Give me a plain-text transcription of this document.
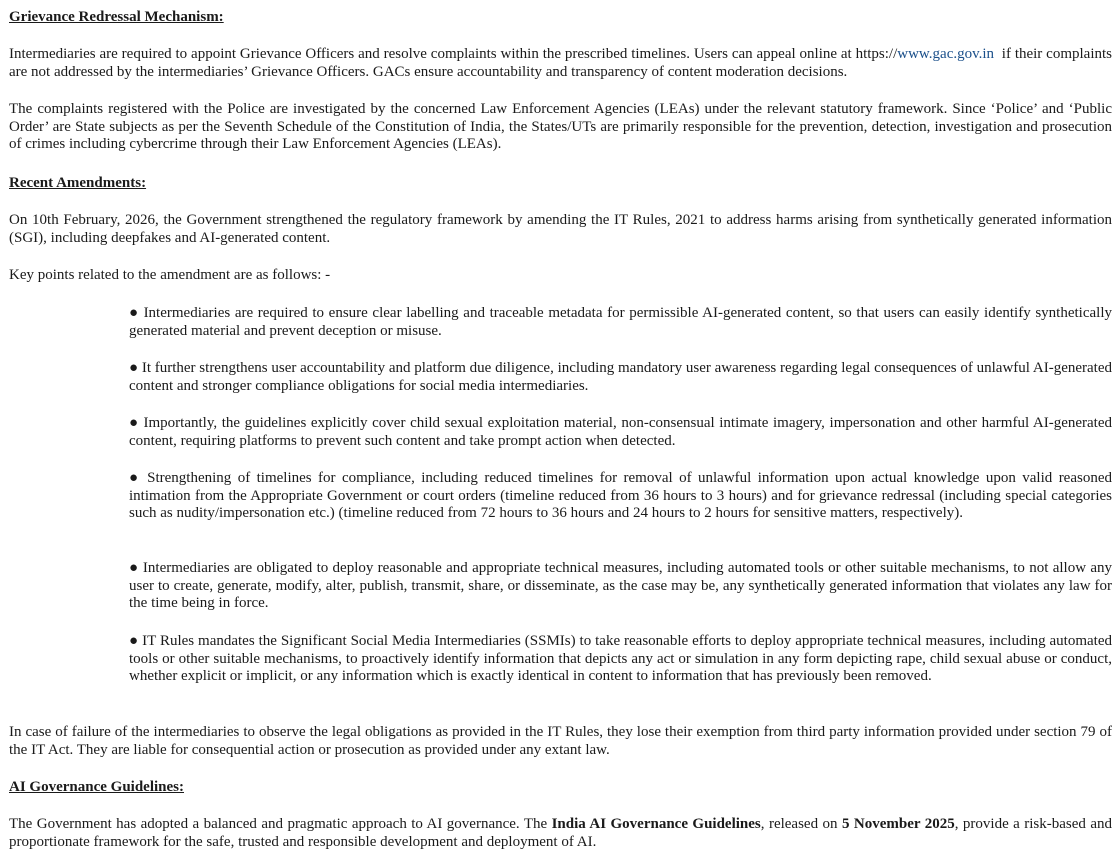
Grievance Redressal Mechanism:

Intermediaries are required to appoint Grievance Officers and resolve complaints within the prescribed timelines. Users can appeal online at https://www.gac.gov.in  if their complaints are not addressed by the intermediaries’ Grievance Officers. GACs ensure accountability and transparency of content moderation decisions.

The complaints registered with the Police are investigated by the concerned Law Enforcement Agencies (LEAs) under the relevant statutory framework. Since ‘Police’ and ‘Public Order’ are State subjects as per the Seventh Schedule of the Constitution of India, the States/UTs are primarily responsible for the prevention, detection, investigation and prosecution of crimes including cybercrime through their Law Enforcement Agencies (LEAs).

Recent Amendments:

On 10th February, 2026, the Government strengthened the regulatory framework by amending the IT Rules, 2021 to address harms arising from synthetically generated information (SGI), including deepfakes and AI-generated content.

Key points related to the amendment are as follows: -

● Intermediaries are required to ensure clear labelling and traceable metadata for permissible AI-generated content, so that users can easily identify synthetically generated material and prevent deception or misuse.

● It further strengthens user accountability and platform due diligence, including mandatory user awareness regarding legal consequences of unlawful AI-generated content and stronger compliance obligations for social media intermediaries.

● Importantly, the guidelines explicitly cover child sexual exploitation material, non-consensual intimate imagery, impersonation and other harmful AI-generated content, requiring platforms to prevent such content and take prompt action when detected.

● Strengthening of timelines for compliance, including reduced timelines for removal of unlawful information upon actual knowledge upon valid reasoned intimation from the Appropriate Government or court orders (timeline reduced from 36 hours to 3 hours) and for grievance redressal (including special categories such as nudity/impersonation etc.) (timeline reduced from 72 hours to 36 hours and 24 hours to 2 hours for sensitive matters, respectively).

● Intermediaries are obligated to deploy reasonable and appropriate technical measures, including automated tools or other suitable mechanisms, to not allow any user to create, generate, modify, alter, publish, transmit, share, or disseminate, as the case may be, any synthetically generated information that violates any law for the time being in force.

● IT Rules mandates the Significant Social Media Intermediaries (SSMIs) to take reasonable efforts to deploy appropriate technical measures, including automated tools or other suitable mechanisms, to proactively identify information that depicts any act or simulation in any form depicting rape, child sexual abuse or conduct, whether explicit or implicit, or any information which is exactly identical in content to information that has previously been removed.

In case of failure of the intermediaries to observe the legal obligations as provided in the IT Rules, they lose their exemption from third party information provided under section 79 of the IT Act. They are liable for consequential action or prosecution as provided under any extant law.

AI Governance Guidelines:

The Government has adopted a balanced and pragmatic approach to AI governance. The India AI Governance Guidelines, released on 5 November 2025, provide a risk-based and proportionate framework for the safe, trusted and responsible development and deployment of AI.
